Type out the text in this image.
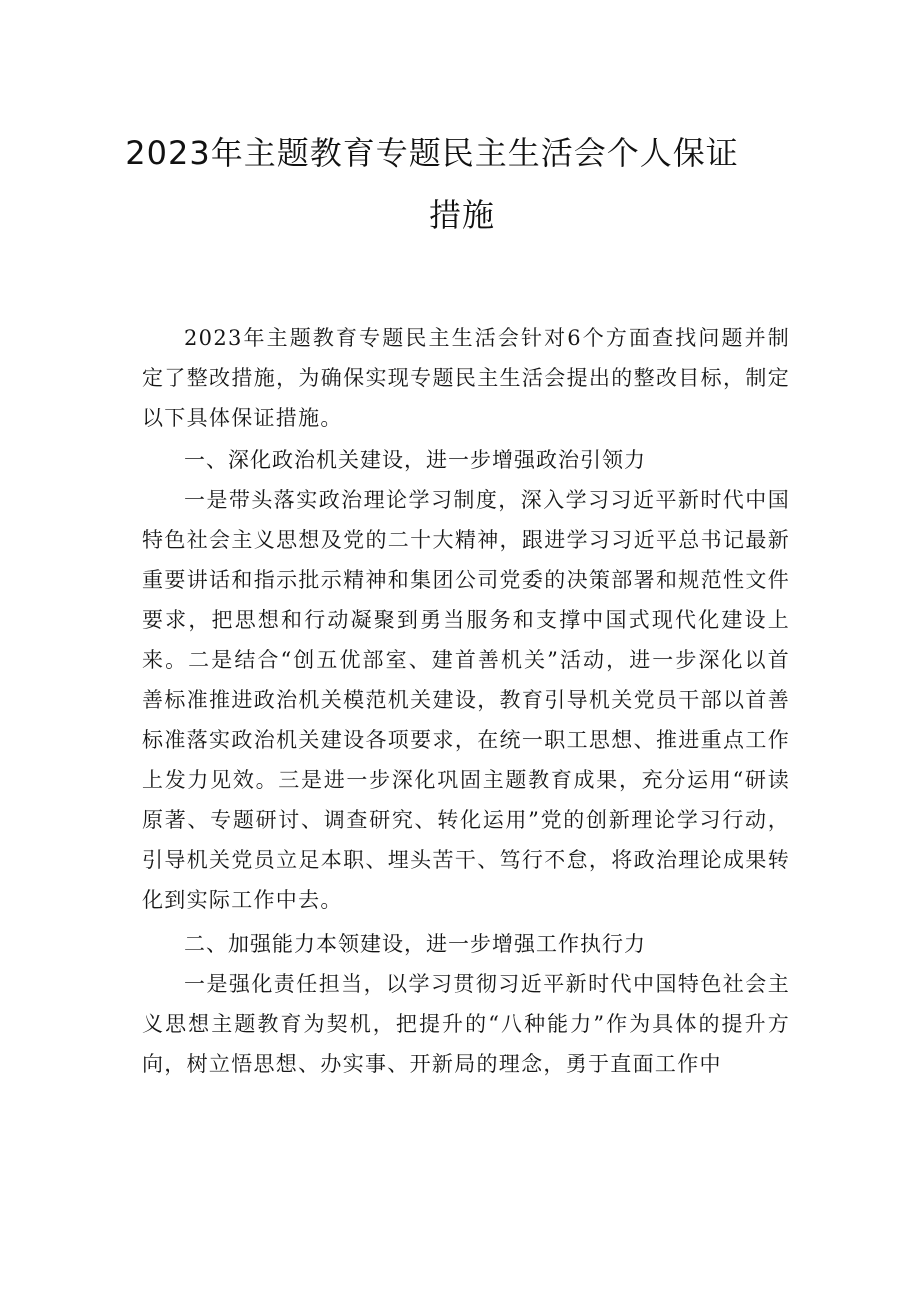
2023年主题教育专题民主生活会个人保证
措施

2023年主题教育专题民主生活会针对6个方面查找问题并制定了整改措施，为确保实现专题民主生活会提出的整改目标，制定以下具体保证措施。

一、深化政治机关建设，进一步增强政治引领力

一是带头落实政治理论学习制度，深入学习习近平新时代中国特色社会主义思想及党的二十大精神，跟进学习习近平总书记最新重要讲话和指示批示精神和集团公司党委的决策部署和规范性文件要求，把思想和行动凝聚到勇当服务和支撑中国式现代化建设上来。二是结合“创五优部室、建首善机关”活动，进一步深化以首善标准推进政治机关模范机关建设，教育引导机关党员干部以首善标准落实政治机关建设各项要求，在统一职工思想、推进重点工作上发力见效。三是进一步深化巩固主题教育成果，充分运用“研读原著、专题研讨、调查研究、转化运用”党的创新理论学习行动，引导机关党员立足本职、埋头苦干、笃行不怠，将政治理论成果转化到实际工作中去。

二、加强能力本领建设，进一步增强工作执行力

一是强化责任担当，以学习贯彻习近平新时代中国特色社会主义思想主题教育为契机，把提升的“八种能力”作为具体的提升方向，树立悟思想、办实事、开新局的理念，勇于直面工作中
